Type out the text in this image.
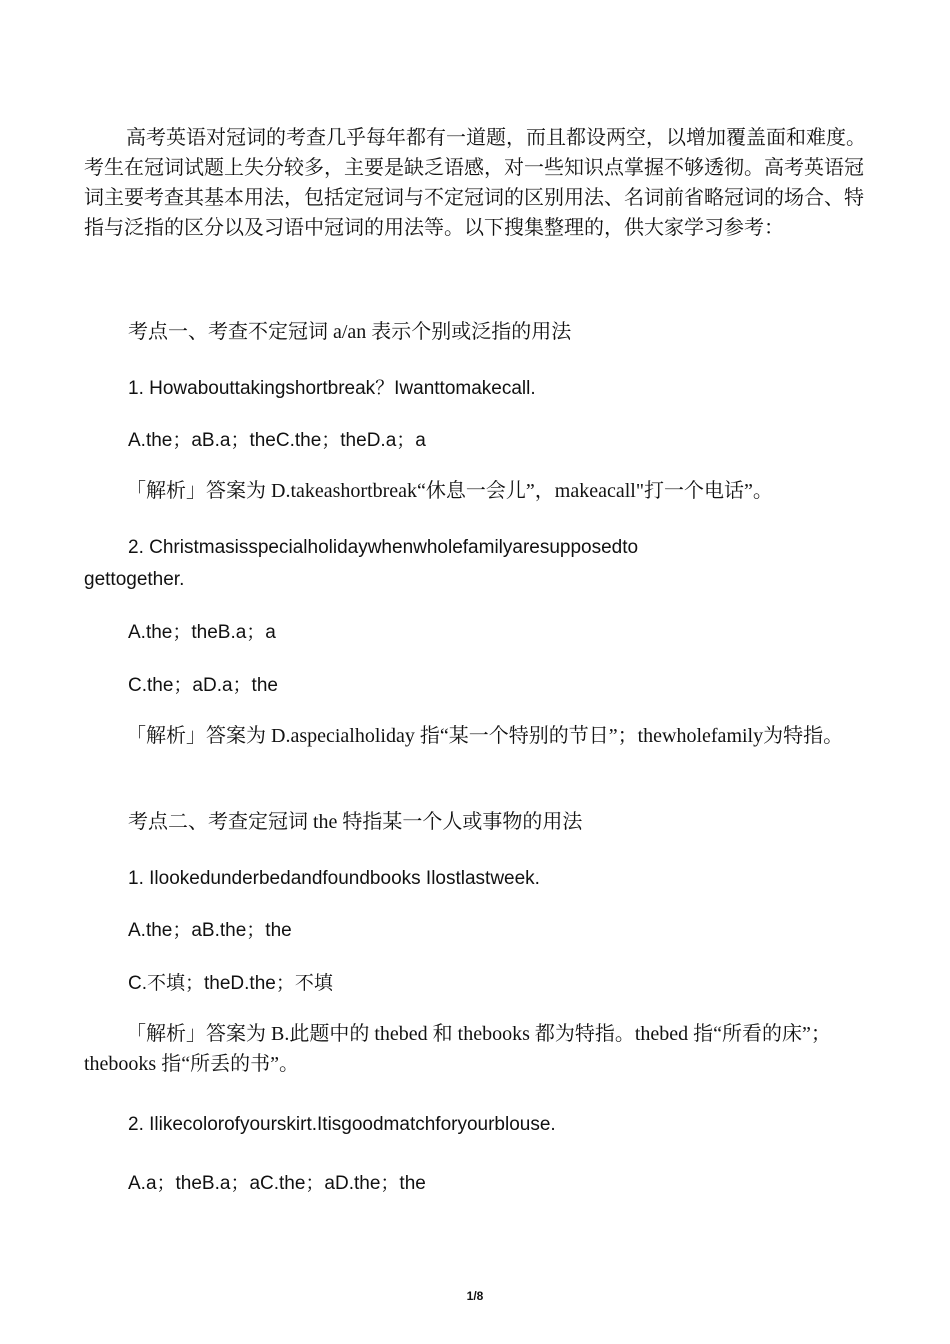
高考英语对冠词的考查几乎每年都有一道题，而且都设两空，以增加覆盖面和难度。考生在冠词试题上失分较多，主要是缺乏语感，对一些知识点掌握不够透彻。高考英语冠词主要考查其基本用法，包括定冠词与不定冠词的区别用法、名词前省略冠词的场合、特指与泛指的区分以及习语中冠词的用法等。以下搜集整理的，供大家学习参考：

考点一、考查不定冠词 a/an 表示个别或泛指的用法

1. Howabouttakingshortbreak？Iwanttomakecall.

A.the；aB.a；theC.the；theD.a；a

「解析」答案为 D.takeashortbreak“休息一会儿”，makeacall"打一个电话”。

2. Christmasisspecialholidaywhenwholefamilyaresupposedto

gettogether.

A.the；theB.a；a

C.the；aD.a；the

「解析」答案为 D.aspecialholiday 指“某一个特别的节日”；thewholefamily为特指。

考点二、考查定冠词 the 特指某一个人或事物的用法

1. Ilookedunderbedandfoundbooks Ilostlastweek.

A.the；aB.the；the

C.不填；theD.the；不填

「解析」答案为 B.此题中的 thebed 和 thebooks 都为特指。thebed 指“所看的床”；thebooks 指“所丢的书”。

2. Ilikecolorofyourskirt.Itisgoodmatchforyourblouse.

A.a；theB.a；aC.the；aD.the；the

1/8
